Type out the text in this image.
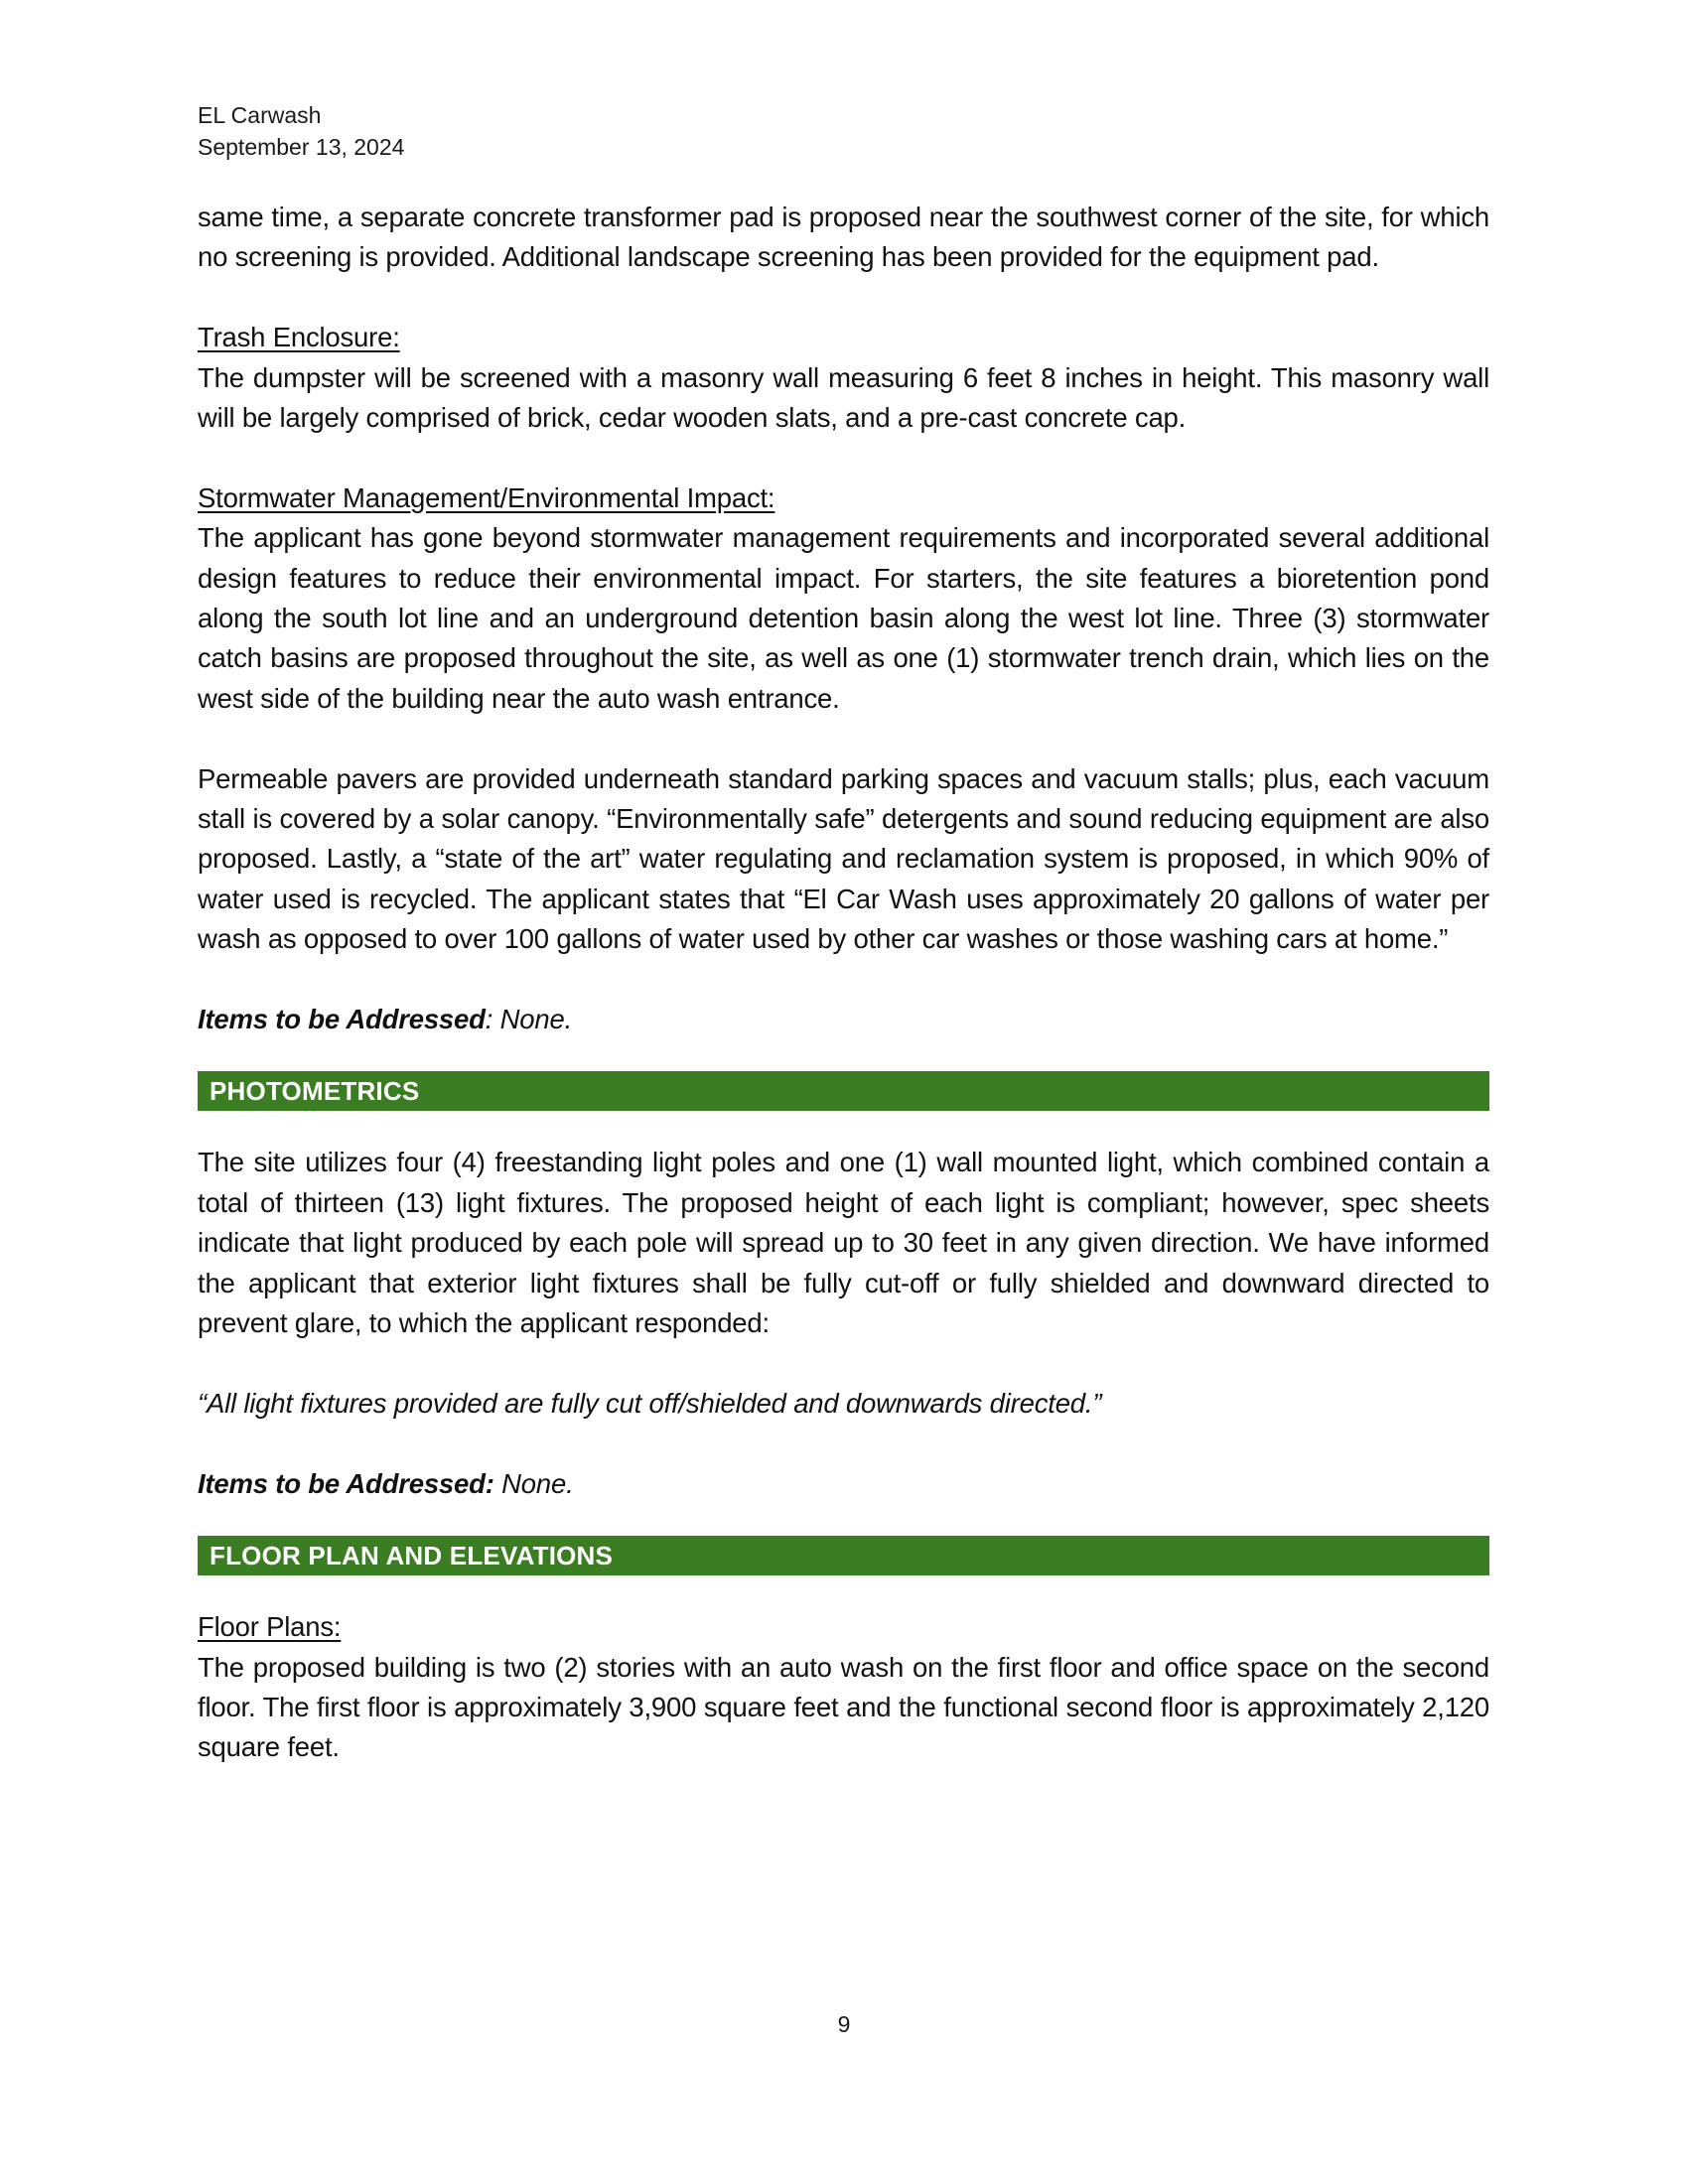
EL Carwash
September 13, 2024

same time, a separate concrete transformer pad is proposed near the southwest corner of the site, for which no screening is provided. Additional landscape screening has been provided for the equipment pad.

Trash Enclosure:

The dumpster will be screened with a masonry wall measuring 6 feet 8 inches in height. This masonry wall will be largely comprised of brick, cedar wooden slats, and a pre-cast concrete cap.

Stormwater Management/Environmental Impact:

The applicant has gone beyond stormwater management requirements and incorporated several additional design features to reduce their environmental impact. For starters, the site features a bioretention pond along the south lot line and an underground detention basin along the west lot line. Three (3) stormwater catch basins are proposed throughout the site, as well as one (1) stormwater trench drain, which lies on the west side of the building near the auto wash entrance.

Permeable pavers are provided underneath standard parking spaces and vacuum stalls; plus, each vacuum stall is covered by a solar canopy. “Environmentally safe” detergents and sound reducing equipment are also proposed. Lastly, a “state of the art” water regulating and reclamation system is proposed, in which 90% of water used is recycled. The applicant states that “El Car Wash uses approximately 20 gallons of water per wash as opposed to over 100 gallons of water used by other car washes or those washing cars at home.”

Items to be Addressed: None.

PHOTOMETRICS

The site utilizes four (4) freestanding light poles and one (1) wall mounted light, which combined contain a total of thirteen (13) light fixtures. The proposed height of each light is compliant; however, spec sheets indicate that light produced by each pole will spread up to 30 feet in any given direction. We have informed the applicant that exterior light fixtures shall be fully cut-off or fully shielded and downward directed to prevent glare, to which the applicant responded:

“All light fixtures provided are fully cut off/shielded and downwards directed.”

Items to be Addressed: None.

FLOOR PLAN AND ELEVATIONS

Floor Plans:

The proposed building is two (2) stories with an auto wash on the first floor and office space on the second floor. The first floor is approximately 3,900 square feet and the functional second floor is approximately 2,120 square feet.

9
